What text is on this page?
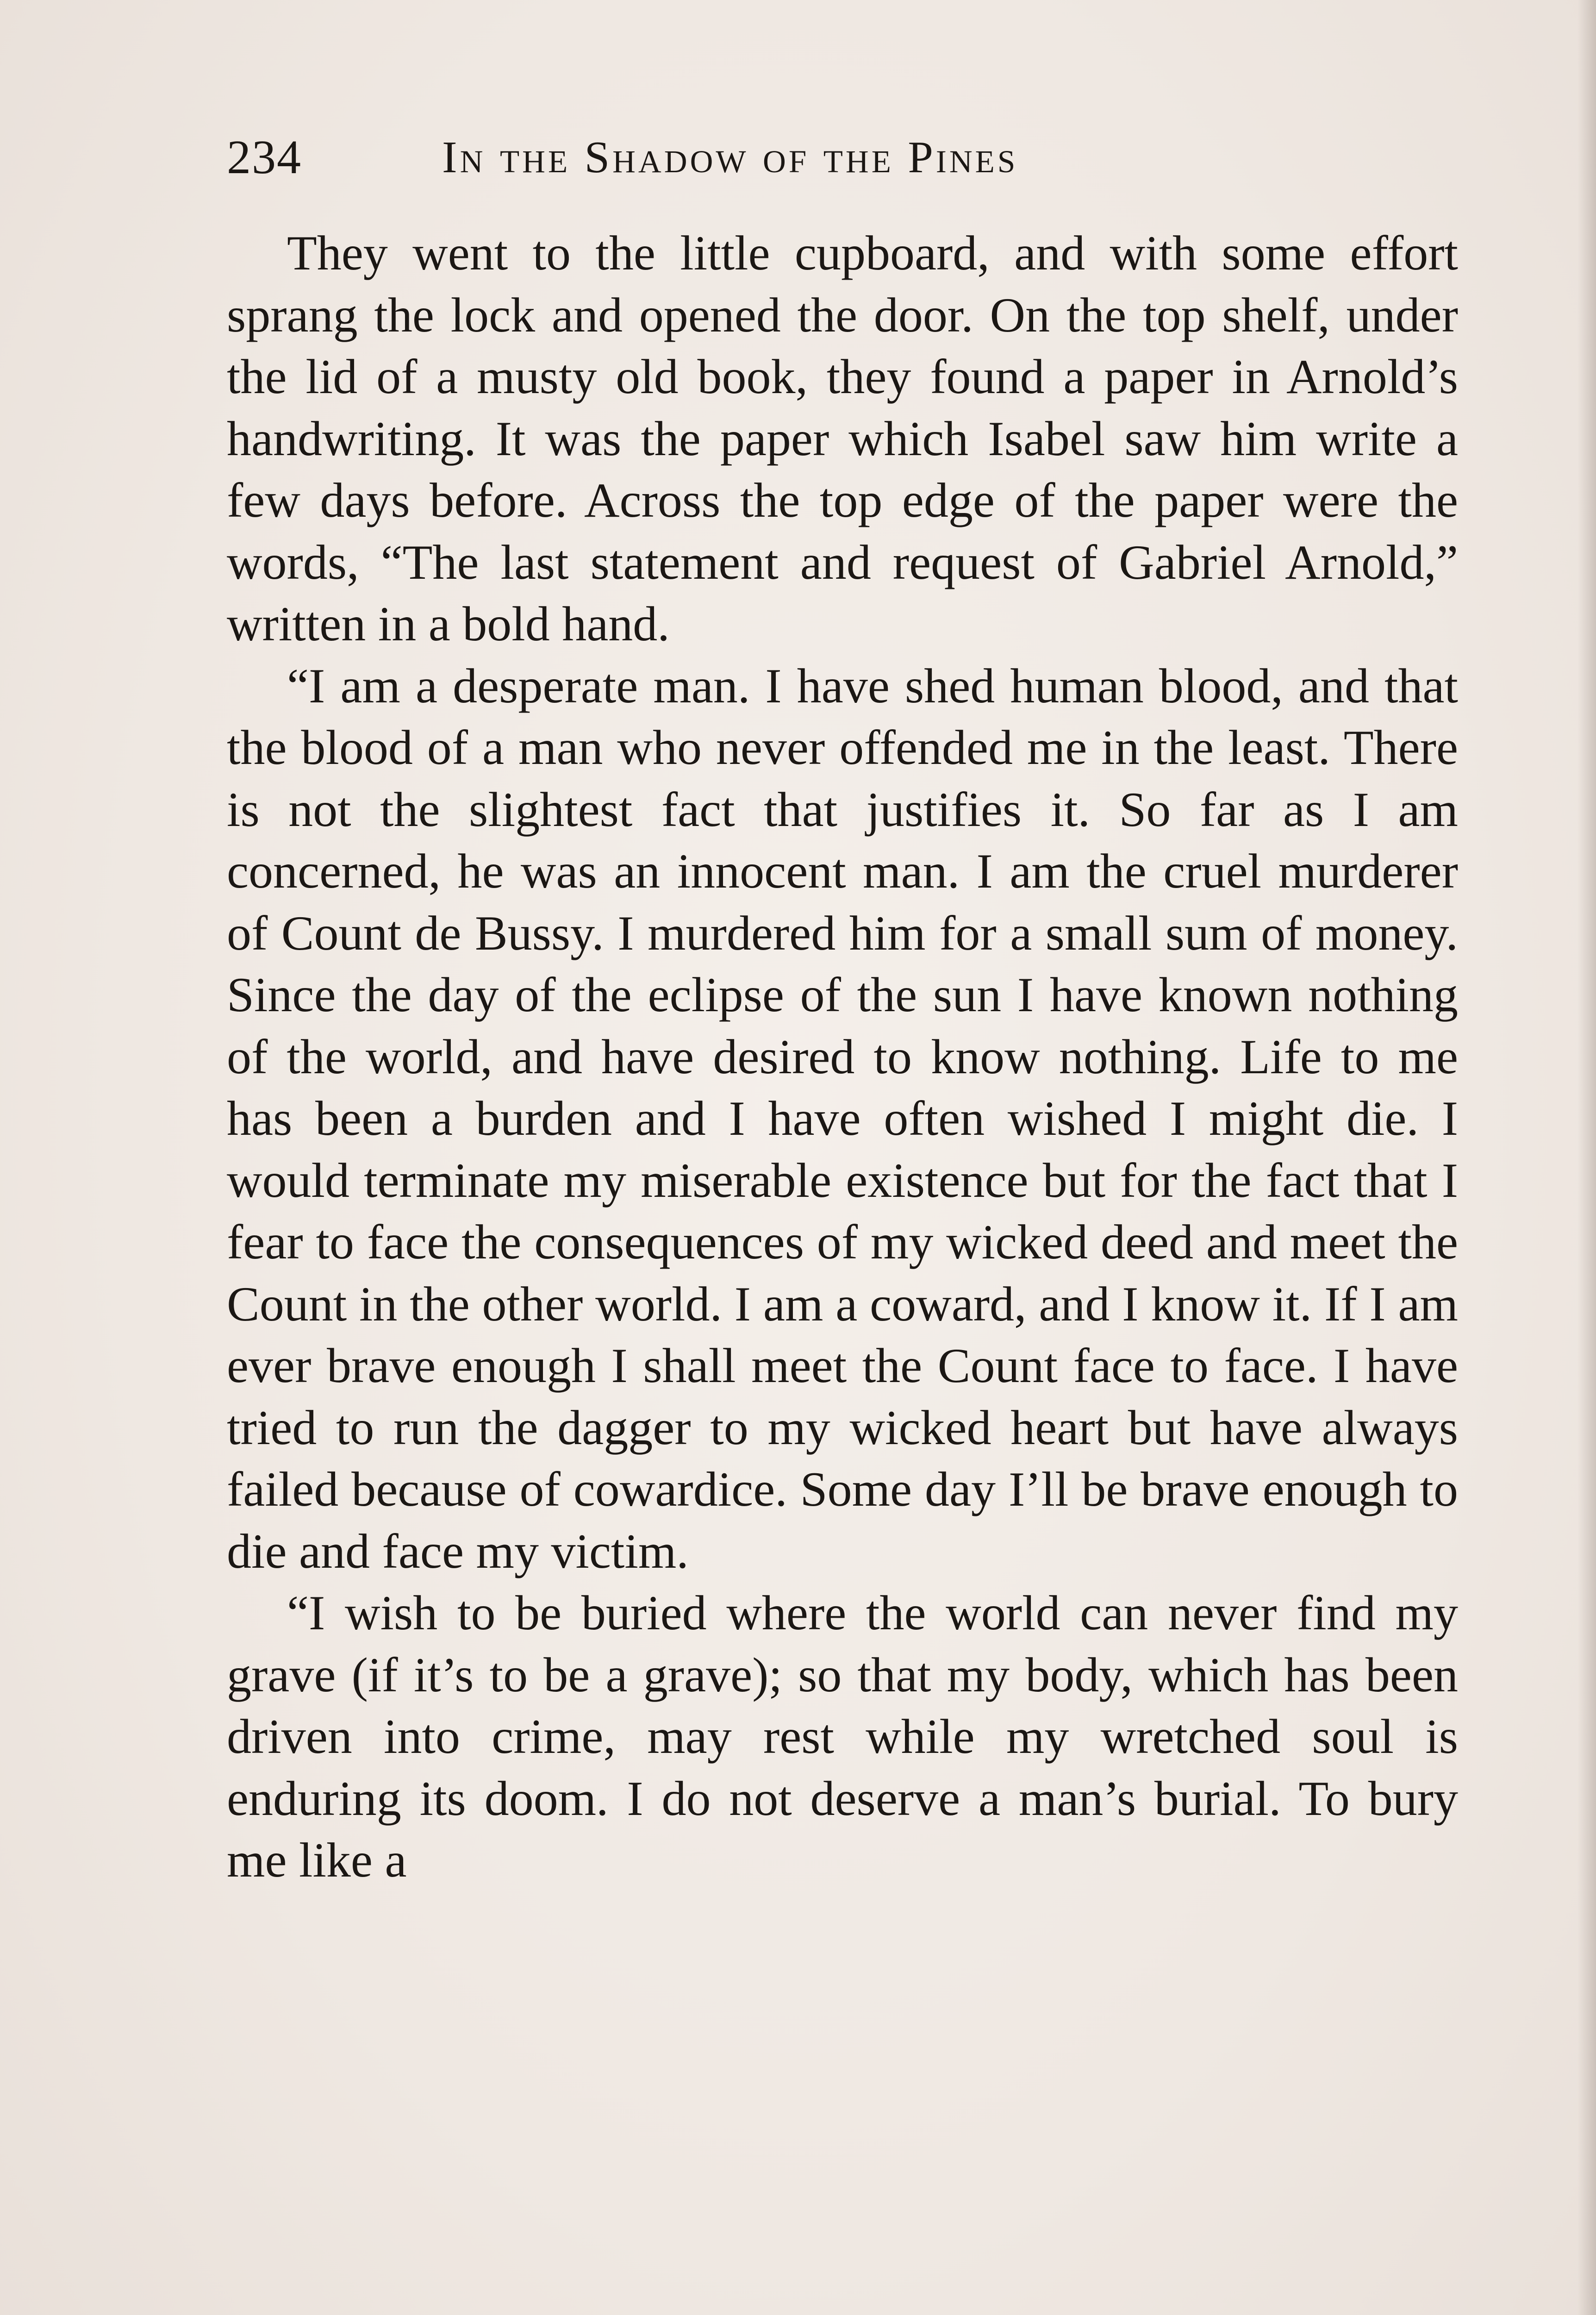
234	In the Shadow of the Pines

They went to the little cupboard, and with some effort sprang the lock and opened the door. On the top shelf, under the lid of a musty old book, they found a paper in Arnold’s handwriting. It was the paper which Isabel saw him write a few days before. Across the top edge of the paper were the words, “The last statement and request of Gabriel Arnold,” written in a bold hand.

“I am a desperate man. I have shed human blood, and that the blood of a man who never offended me in the least. There is not the slightest fact that justifies it. So far as I am concerned, he was an innocent man. I am the cruel murderer of Count de Bussy. I murdered him for a small sum of money. Since the day of the eclipse of the sun I have known nothing of the world, and have desired to know nothing. Life to me has been a burden and I have often wished I might die. I would terminate my miserable existence but for the fact that I fear to face the consequences of my wicked deed and meet the Count in the other world. I am a coward, and I know it. If I am ever brave enough I shall meet the Count face to face. I have tried to run the dagger to my wicked heart but have always failed because of cowardice. Some day I’ll be brave enough to die and face my victim.

“I wish to be buried where the world can never find my grave (if it’s to be a grave); so that my body, which has been driven into crime, may rest while my wretched soul is enduring its doom. I do not deserve a man’s burial. To bury me like a
